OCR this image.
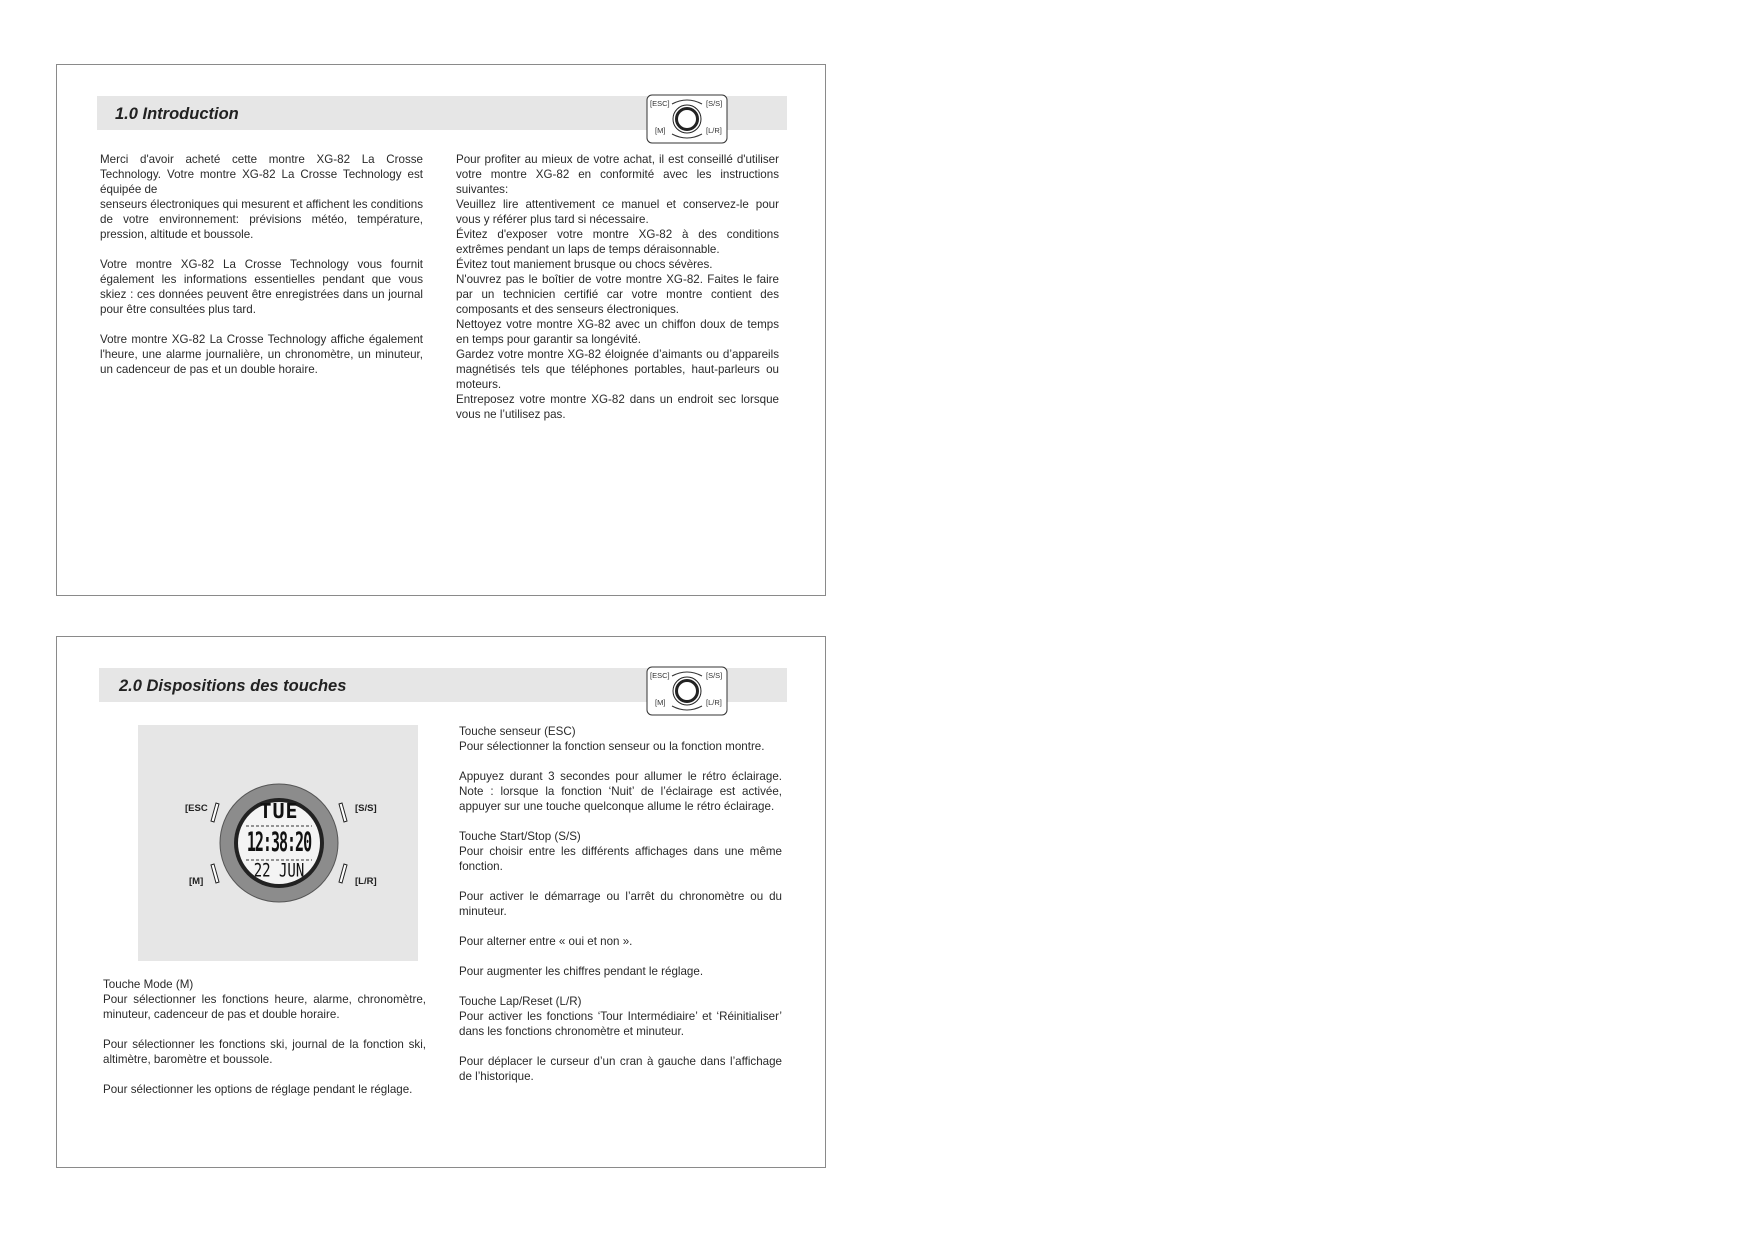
1.0 Introduction
[ESC]	[S/S]
[M]	[L/R]

Merci d'avoir acheté cette montre XG-82 La Crosse Technology. Votre montre XG-82 La Crosse Technology est équipée de

senseurs électroniques qui mesurent et affichent les conditions de votre environnement: prévisions météo, température, pression, altitude et boussole.

Votre montre XG-82 La Crosse Technology vous fournit également les informations essentielles pendant que vous skiez : ces données peuvent être enregistrées dans un journal pour être consultées plus tard.

Votre montre XG-82 La Crosse Technology affiche également l'heure, une alarme journalière, un chronomètre, un minuteur, un cadenceur de pas et un double horaire.

Pour profiter au mieux de votre achat, il est conseillé d'utiliser votre montre XG-82 en conformité avec les instructions suivantes:

Veuillez lire attentivement ce manuel et conservez-le pour vous y référer plus tard si nécessaire.

Évitez d'exposer votre montre XG-82 à des conditions extrêmes pendant un laps de temps déraisonnable.

Évitez tout maniement brusque ou chocs sévères.

N'ouvrez pas le boîtier de votre montre XG-82. Faites le faire par un technicien certifié car votre montre contient des composants et des senseurs électroniques.

Nettoyez votre montre XG-82 avec un chiffon doux de temps en temps pour garantir sa longévité.

Gardez votre montre XG-82 éloignée d’aimants ou d’appareils magnétisés tels que téléphones portables, haut-parleurs ou moteurs.

Entreposez votre montre XG-82 dans un endroit sec lorsque vous ne l’utilisez pas.

2.0 Dispositions des touches
[ESC]	[S/S]
[M]	[L/R]
TUE
12:38:20
22 JUN
[ESC	[S/S]
[M]	[L/R]

Touche Mode (M)

Pour sélectionner les fonctions heure, alarme, chronomètre, minuteur, cadenceur de pas et double horaire.

Pour sélectionner les fonctions ski, journal de la fonction ski, altimètre, baromètre et boussole.

Pour sélectionner les options de réglage pendant le réglage.

Touche senseur (ESC)

Pour sélectionner la fonction senseur ou la fonction montre.

Appuyez durant 3 secondes pour allumer le rétro éclairage. Note : lorsque la fonction ‘Nuit’ de l’éclairage est activée, appuyer sur une touche quelconque allume le rétro éclairage.

Touche Start/Stop (S/S)

Pour choisir entre les différents affichages dans une même fonction.

Pour activer le démarrage ou l’arrêt du chronomètre ou du minuteur.

Pour alterner entre « oui et non ».

Pour augmenter les chiffres pendant le réglage.

Touche Lap/Reset (L/R)

Pour activer les fonctions ‘Tour Intermédiaire’ et ‘Réinitialiser’ dans les fonctions chronomètre et minuteur.

Pour déplacer le curseur d’un cran à gauche dans l’affichage de l’historique.
